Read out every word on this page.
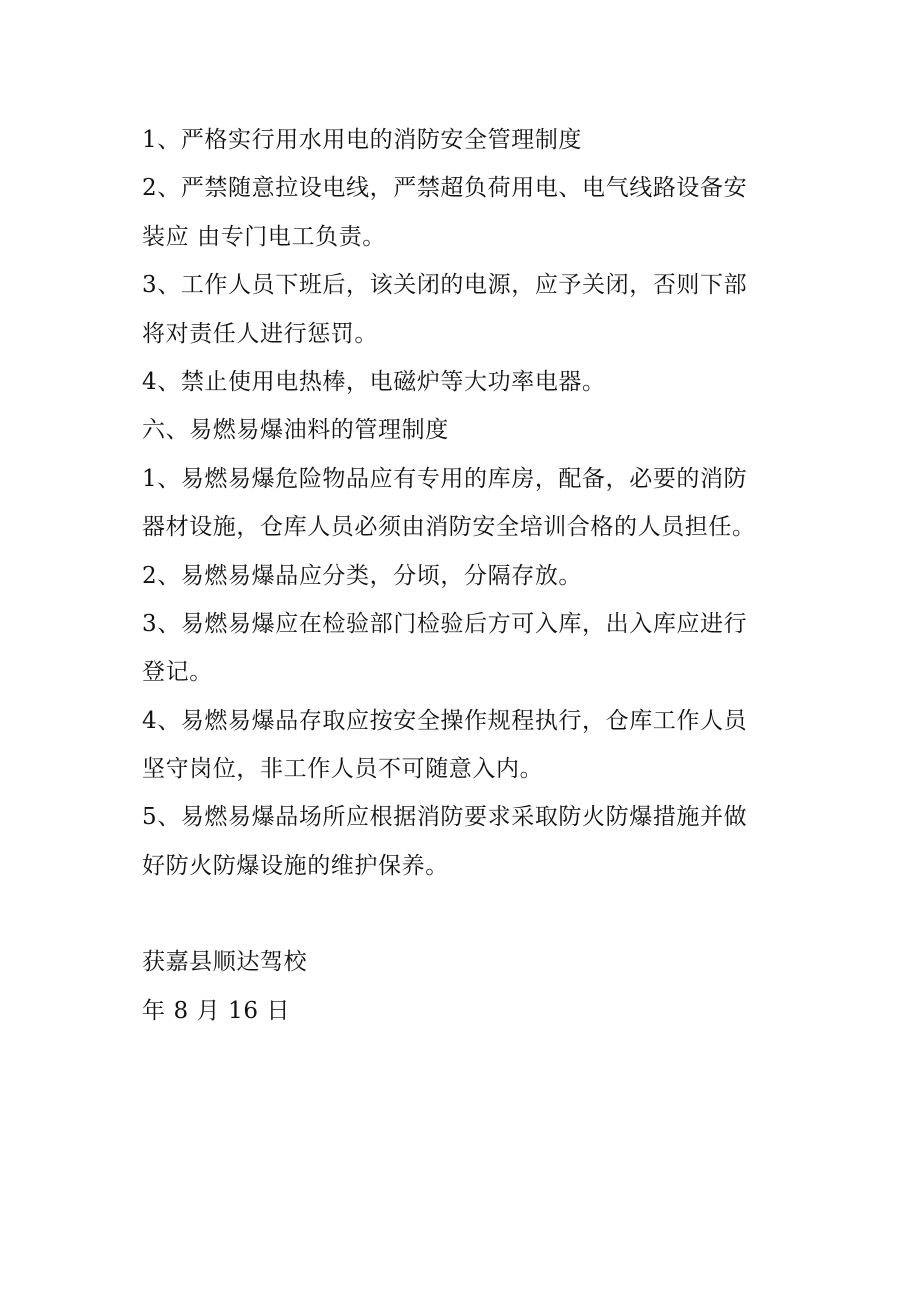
1、严格实行用水用电的消防安全管理制度
2、严禁随意拉设电线，严禁超负荷用电、电气线路设备安
装应 由专门电工负责。
3、工作人员下班后，该关闭的电源，应予关闭，否则下部
将对责任人进行惩罚。
4、禁止使用电热棒，电磁炉等大功率电器。
六、易燃易爆油料的管理制度
1、易燃易爆危险物品应有专用的库房，配备，必要的消防
器材设施，仓库人员必须由消防安全培训合格的人员担任。
2、易燃易爆品应分类，分顷，分隔存放。
3、易燃易爆应在检验部门检验后方可入库，出入库应进行
登记。
4、易燃易爆品存取应按安全操作规程执行，仓库工作人员
坚守岗位，非工作人员不可随意入内。
5、易燃易爆品场所应根据消防要求采取防火防爆措施并做
好防火防爆设施的维护保养。
获嘉县顺达驾校
年 8 月 16 日
